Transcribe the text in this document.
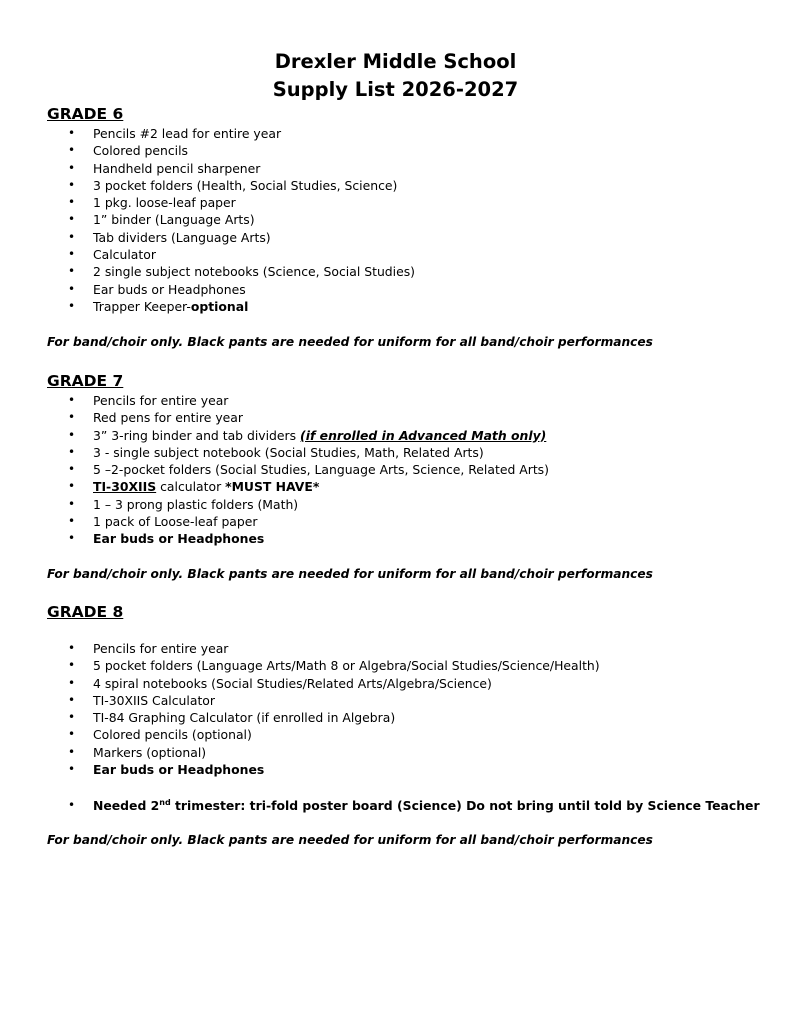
Drexler Middle School
Supply List 2026-2027
GRADE 6
• Pencils #2 lead for entire year
• Colored pencils
• Handheld pencil sharpener
• 3 pocket folders (Health, Social Studies, Science)
• 1 pkg. loose-leaf paper
• 1” binder (Language Arts)
• Tab dividers (Language Arts)
• Calculator
• 2 single subject notebooks (Science, Social Studies)
• Ear buds or Headphones
• Trapper Keeper-optional
For band/choir only. Black pants are needed for uniform for all band/choir performances
GRADE 7
• Pencils for entire year
• Red pens for entire year
• 3” 3-ring binder and tab dividers (if enrolled in Advanced Math only)
• 3 - single subject notebook (Social Studies, Math, Related Arts)
• 5 –2-pocket folders (Social Studies, Language Arts, Science, Related Arts)
• TI-30XIIS calculator *MUST HAVE*
• 1 – 3 prong plastic folders (Math)
• 1 pack of Loose-leaf paper
• Ear buds or Headphones
For band/choir only. Black pants are needed for uniform for all band/choir performances
GRADE 8
• Pencils for entire year
• 5 pocket folders (Language Arts/Math 8 or Algebra/Social Studies/Science/Health)
• 4 spiral notebooks (Social Studies/Related Arts/Algebra/Science)
• TI-30XIIS Calculator
• TI-84 Graphing Calculator (if enrolled in Algebra)
• Colored pencils (optional)
• Markers (optional)
• Ear buds or Headphones
• Needed 2nd trimester: tri-fold poster board (Science) Do not bring until told by Science Teacher
For band/choir only. Black pants are needed for uniform for all band/choir performances
